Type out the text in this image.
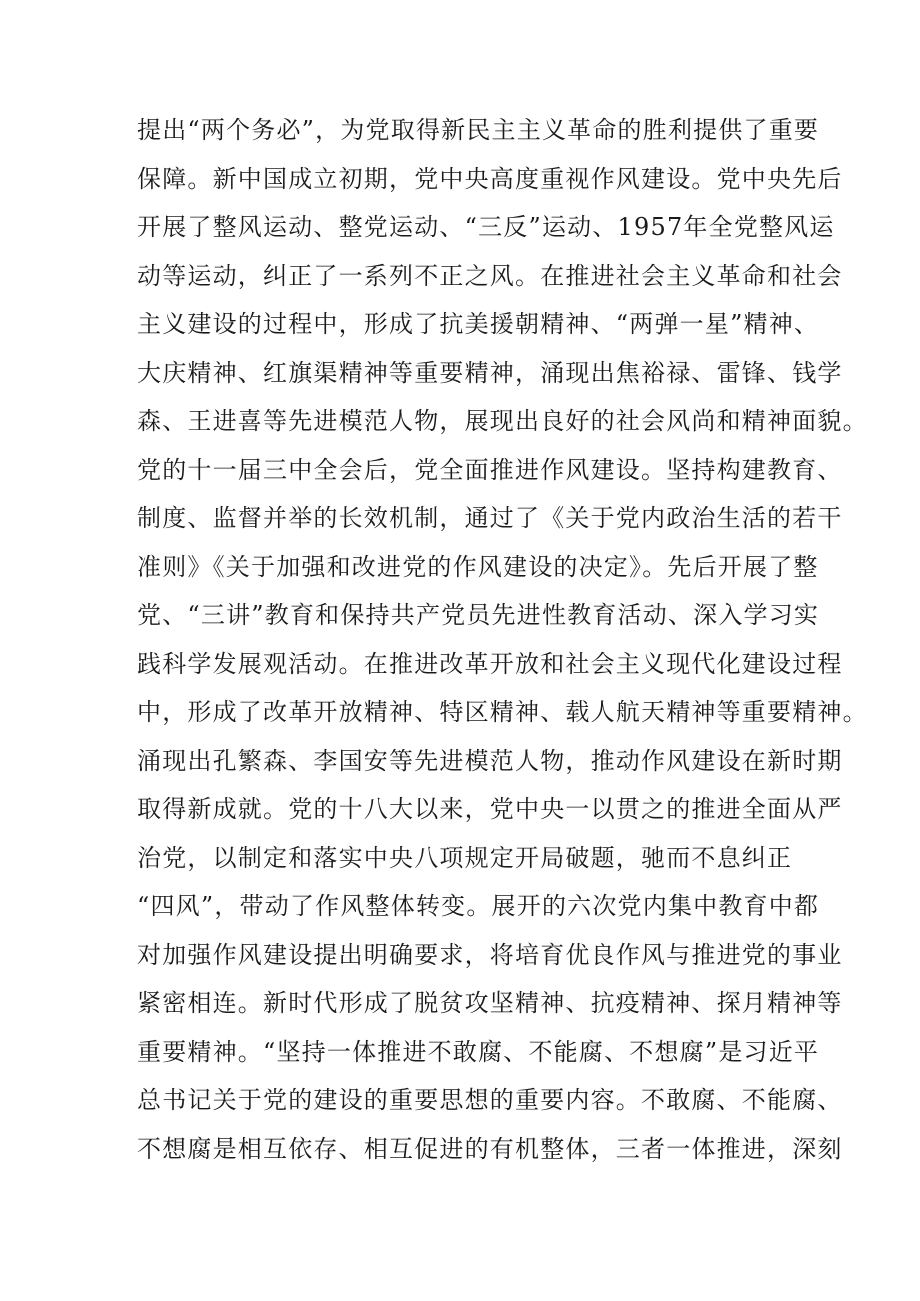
提出“两个务必”，为党取得新民主主义革命的胜利提供了重要
保障。新中国成立初期，党中央高度重视作风建设。党中央先后
开展了整风运动、整党运动、“三反”运动、1957年全党整风运
动等运动，纠正了一系列不正之风。在推进社会主义革命和社会
主义建设的过程中，形成了抗美援朝精神、“两弹一星”精神、
大庆精神、红旗渠精神等重要精神，涌现出焦裕禄、雷锋、钱学
森、王进喜等先进模范人物，展现出良好的社会风尚和精神面貌。
党的十一届三中全会后，党全面推进作风建设。坚持构建教育、
制度、监督并举的长效机制，通过了《关于党内政治生活的若干
准则》《关于加强和改进党的作风建设的决定》。先后开展了整
党、“三讲”教育和保持共产党员先进性教育活动、深入学习实
践科学发展观活动。在推进改革开放和社会主义现代化建设过程
中，形成了改革开放精神、特区精神、载人航天精神等重要精神。
涌现出孔繁森、李国安等先进模范人物，推动作风建设在新时期
取得新成就。党的十八大以来，党中央一以贯之的推进全面从严
治党，以制定和落实中央八项规定开局破题，驰而不息纠正
“四风”，带动了作风整体转变。展开的六次党内集中教育中都
对加强作风建设提出明确要求，将培育优良作风与推进党的事业
紧密相连。新时代形成了脱贫攻坚精神、抗疫精神、探月精神等
重要精神。“坚持一体推进不敢腐、不能腐、不想腐”是习近平
总书记关于党的建设的重要思想的重要内容。不敢腐、不能腐、
不想腐是相互依存、相互促进的有机整体，三者一体推进，深刻
